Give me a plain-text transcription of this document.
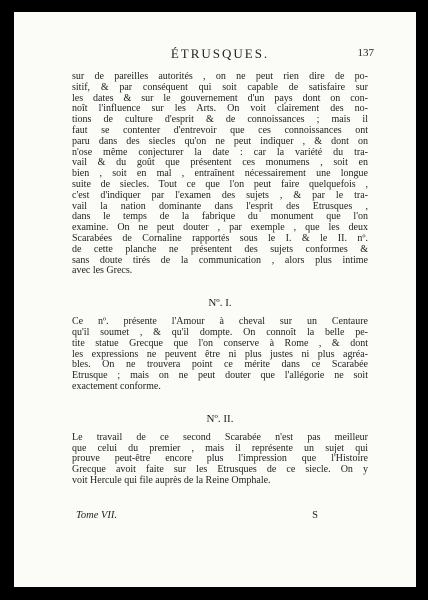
ÉTRUSQUES.	137
sur de pareilles autorités , on ne peut rien dire de po-
sitif, & par conséquent qui soit capable de satisfaire sur
les dates & sur le gouvernement d'un pays dont on con-
noît l'influence sur les Arts. On voit clairement des no-
tions de culture d'esprit & de connoissances ; mais il
faut se contenter d'entrevoir que ces connoissances ont
paru dans des siecles qu'on ne peut indiquer , & dont on
n'ose même conjecturer la date : car la variété du tra-
vail & du goût que présentent ces monumens , soit en
bien , soit en mal , entraînent nécessairement une longue
suite de siecles. Tout ce que l'on peut faire quelquefois ,
c'est d'indiquer par l'examen des sujets , & par le tra-
vail la nation dominante dans l'esprit des Etrusques ,
dans le temps de la fabrique du monument que l'on
examine. On ne peut douter , par exemple , que les deux
Scarabées de Cornaline rapportés sous le I. & le II. nº.
de cette planche ne présentent des sujets conformes &
sans doute tirés de la communication , alors plus intime
avec les Grecs.
Nº. I.
Ce nº. présente l'Amour à cheval sur un Centaure
qu'il soumet , & qu'il dompte. On connoît la belle pe-
tite statue Grecque que l'on conserve à Rome , & dont
les expressions ne peuvent être ni plus justes ni plus agréa-
bles. On ne trouvera point ce mérite dans ce Scarabée
Etrusque ; mais on ne peut douter que l'allégorie ne soit
exactement conforme.
Nº. II.
Le travail de ce second Scarabée n'est pas meilleur
que celui du premier , mais il représente un sujet qui
prouve peut-être encore plus l'impression que l'Histoire
Grecque avoit faite sur les Etrusques de ce siecle. On y
voit Hercule qui file auprès de la Reine Omphale.
Tome VII.	S
